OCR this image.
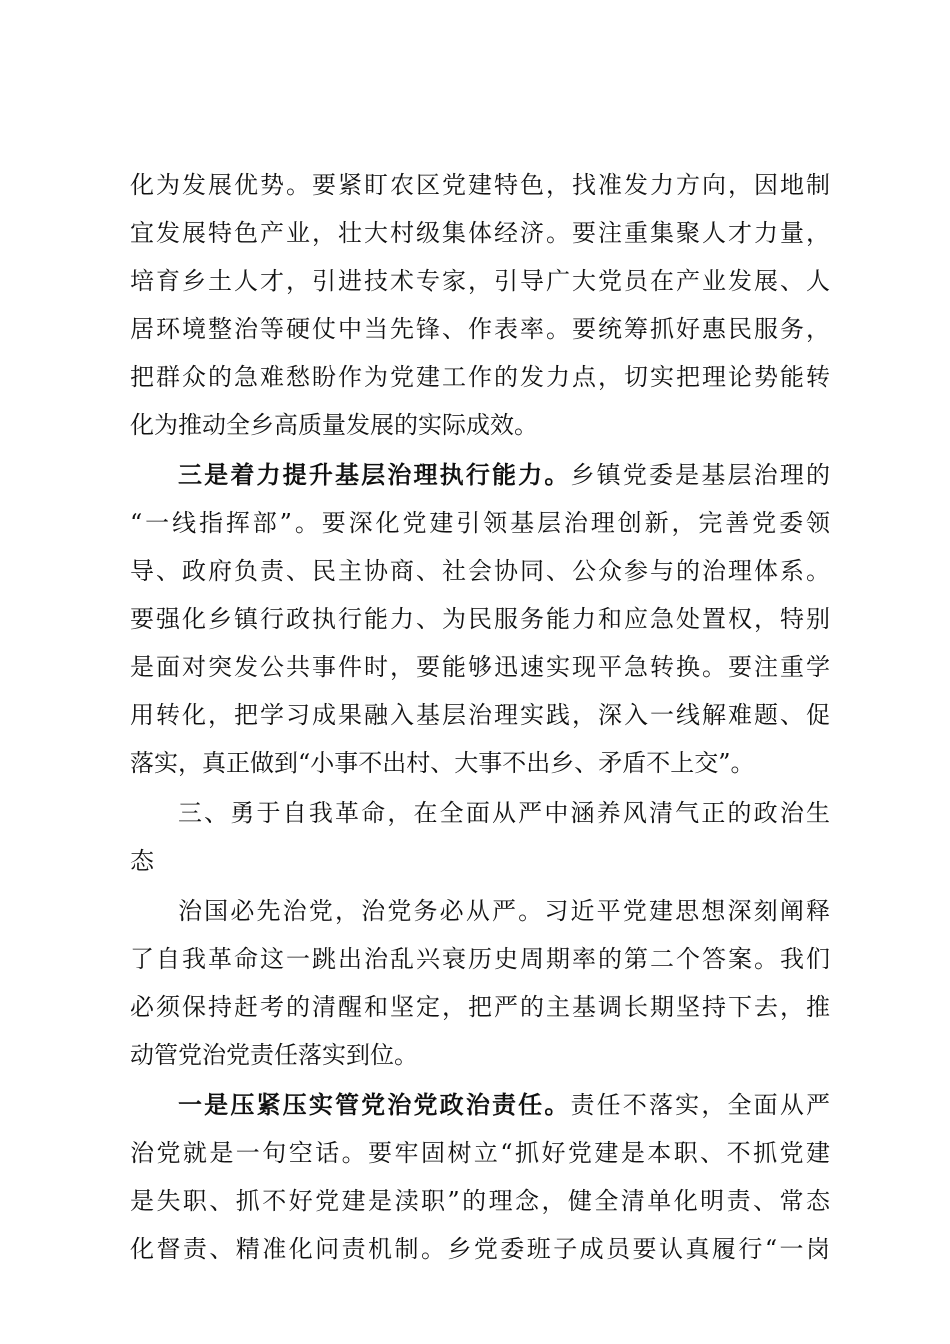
化为发展优势。要紧盯农区党建特色，找准发力方向，因地制
宜发展特色产业，壮大村级集体经济。要注重集聚人才力量，
培育乡土人才，引进技术专家，引导广大党员在产业发展、人
居环境整治等硬仗中当先锋、作表率。要统筹抓好惠民服务，
把群众的急难愁盼作为党建工作的发力点，切实把理论势能转
化为推动全乡高质量发展的实际成效。
三是着力提升基层治理执行能力。乡镇党委是基层治理的
“一线指挥部”。要深化党建引领基层治理创新，完善党委领
导、政府负责、民主协商、社会协同、公众参与的治理体系。
要强化乡镇行政执行能力、为民服务能力和应急处置权，特别
是面对突发公共事件时，要能够迅速实现平急转换。要注重学
用转化，把学习成果融入基层治理实践，深入一线解难题、促
落实，真正做到“小事不出村、大事不出乡、矛盾不上交”。
三、勇于自我革命，在全面从严中涵养风清气正的政治生
态
治国必先治党，治党务必从严。习近平党建思想深刻阐释
了自我革命这一跳出治乱兴衰历史周期率的第二个答案。我们
必须保持赶考的清醒和坚定，把严的主基调长期坚持下去，推
动管党治党责任落实到位。
一是压紧压实管党治党政治责任。责任不落实，全面从严
治党就是一句空话。要牢固树立“抓好党建是本职、不抓党建
是失职、抓不好党建是渎职”的理念，健全清单化明责、常态
化督责、精准化问责机制。乡党委班子成员要认真履行“一岗
